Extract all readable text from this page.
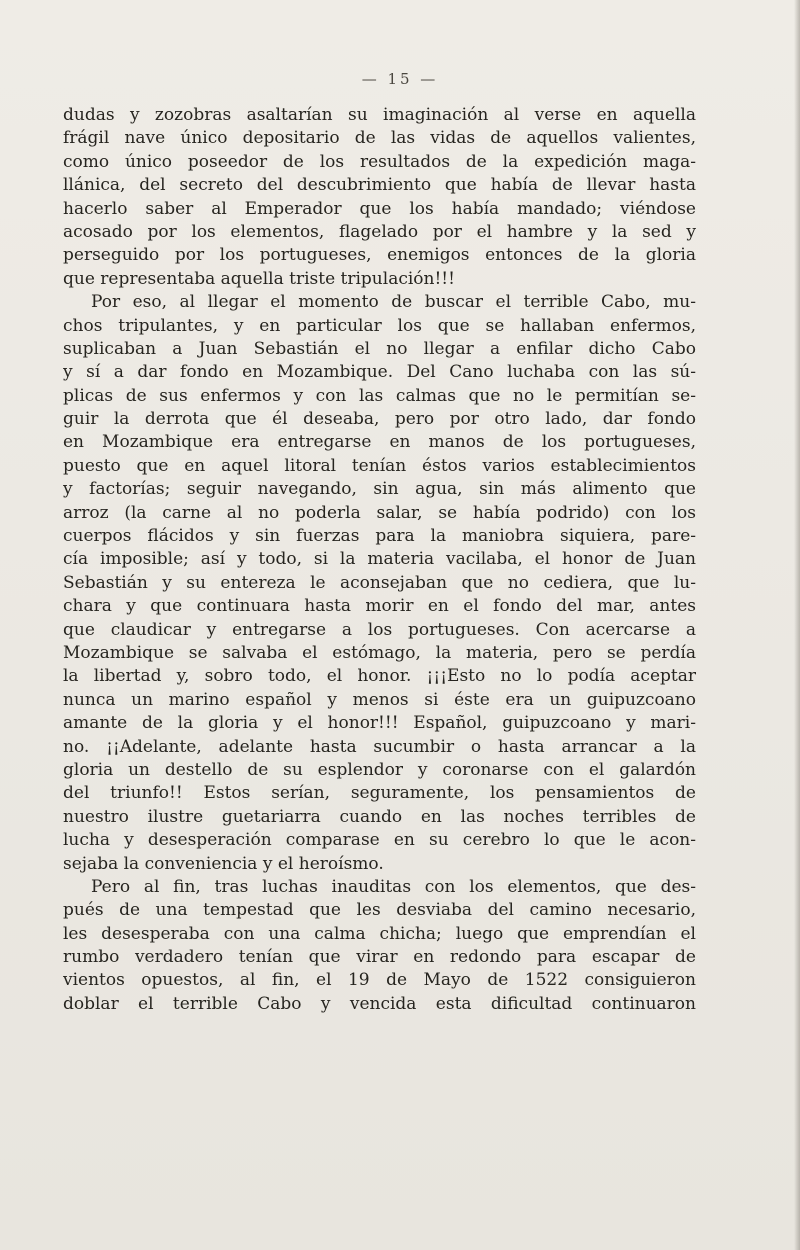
— 15 —
dudas y zozobras asaltarían su imaginación al verse en aquella
frágil nave único depositario de las vidas de aquellos valientes,
como único poseedor de los resultados de la expedición maga-
llánica, del secreto del descubrimiento que había de llevar hasta
hacerlo saber al Emperador que los había mandado; viéndose
acosado por los elementos, flagelado por el hambre y la sed y
perseguido por los portugueses, enemigos entonces de la gloria
que representaba aquella triste tripulación!!!
Por eso, al llegar el momento de buscar el terrible Cabo, mu-
chos tripulantes, y en particular los que se hallaban enfermos,
suplicaban a Juan Sebastián el no llegar a enfilar dicho Cabo
y sí a dar fondo en Mozambique. Del Cano luchaba con las sú-
plicas de sus enfermos y con las calmas que no le permitían se-
guir la derrota que él deseaba, pero por otro lado, dar fondo
en Mozambique era entregarse en manos de los portugueses,
puesto que en aquel litoral tenían éstos varios establecimientos
y factorías; seguir navegando, sin agua, sin más alimento que
arroz (la carne al no poderla salar, se había podrido) con los
cuerpos flácidos y sin fuerzas para la maniobra siquiera, pare-
cía imposible; así y todo, si la materia vacilaba, el honor de Juan
Sebastián y su entereza le aconsejaban que no cediera, que lu-
chara y que continuara hasta morir en el fondo del mar, antes
que claudicar y entregarse a los portugueses. Con acercarse a
Mozambique se salvaba el estómago, la materia, pero se perdía
la libertad y, sobro todo, el honor. ¡¡¡Esto no lo podía aceptar
nunca un marino español y menos si éste era un guipuzcoano
amante de la gloria y el honor!!! Español, guipuzcoano y mari-
no. ¡¡Adelante, adelante hasta sucumbir o hasta arrancar a la
gloria un destello de su esplendor y coronarse con el galardón
del triunfo!! Estos serían, seguramente, los pensamientos de
nuestro ilustre guetariarra cuando en las noches terribles de
lucha y desesperación comparase en su cerebro lo que le acon-
sejaba la conveniencia y el heroísmo.
Pero al fin, tras luchas inauditas con los elementos, que des-
pués de una tempestad que les desviaba del camino necesario,
les desesperaba con una calma chicha; luego que emprendían el
rumbo verdadero tenían que virar en redondo para escapar de
vientos opuestos, al fin, el 19 de Mayo de 1522 consiguieron
doblar el terrible Cabo y vencida esta dificultad continuaron
